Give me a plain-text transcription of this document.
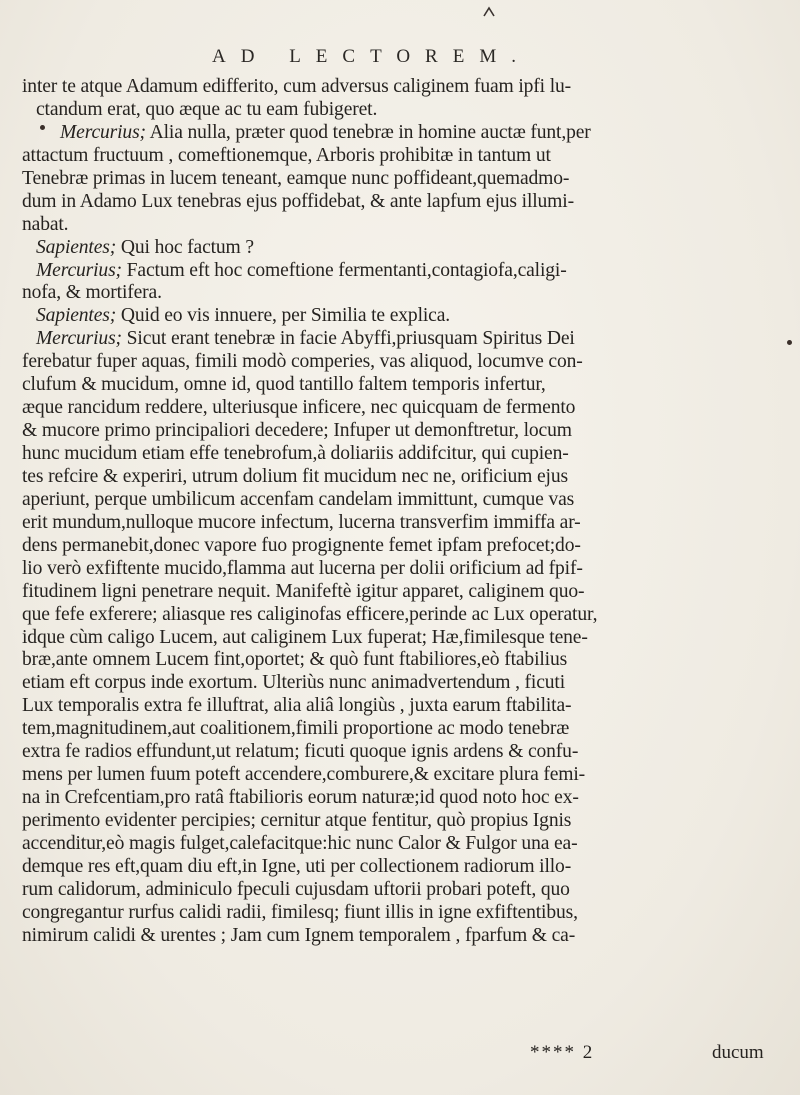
AD LECTOREM.
inter te atque Adamum edifferito, cum adversus caliginem fuam ipfi lu-
ctandum erat, quo æque ac tu eam fubigeret.
Mercurius; Alia nulla, præter quod tenebræ in homine auctæ funt,per
attactum fructuum , comeftionemque, Arboris prohibitæ in tantum ut
Tenebræ primas in lucem teneant, eamque nunc poffideant,quemadmo-
dum in Adamo Lux tenebras ejus poffidebat, & ante lapfum ejus illumi-
nabat.
Sapientes; Qui hoc factum ?
Mercurius; Factum eft hoc comeftione fermentanti,contagiofa,caligi-
nofa, & mortifera.
Sapientes; Quid eo vis innuere, per Similia te explica.
Mercurius; Sicut erant tenebræ in facie Abyffi,priusquam Spiritus Dei
ferebatur fuper aquas, fimili modò comperies, vas aliquod, locumve con-
clufum & mucidum, omne id, quod tantillo faltem temporis infertur,
æque rancidum reddere, ulteriusque inficere, nec quicquam de fermento
& mucore primo principaliori decedere; Infuper ut demonftretur, locum
hunc mucidum etiam effe tenebrofum,à doliariis addifcitur, qui cupien-
tes refcire & experiri, utrum dolium fit mucidum nec ne, orificium ejus
aperiunt, perque umbilicum accenfam candelam immittunt, cumque vas
erit mundum,nulloque mucore infectum, lucerna transverfim immiffa ar-
dens permanebit,donec vapore fuo progignente femet ipfam prefocet;do-
lio verò exfiftente mucido,flamma aut lucerna per dolii orificium ad fpif-
fitudinem ligni penetrare nequit. Manifeftè igitur apparet, caliginem quo-
que fefe exferere; aliasque res caliginofas efficere,perinde ac Lux operatur,
idque cùm caligo Lucem, aut caliginem Lux fuperat; Hæ,fimilesque tene-
bræ,ante omnem Lucem fint,oportet; & quò funt ftabiliores,eò ftabilius
etiam eft corpus inde exortum. Ulteriùs nunc animadvertendum , ficuti
Lux temporalis extra fe illuftrat, alia aliâ longiùs , juxta earum ftabilita-
tem,magnitudinem,aut coalitionem,fimili proportione ac modo tenebræ
extra fe radios effundunt,ut relatum; ficuti quoque ignis ardens & confu-
mens per lumen fuum poteft accendere,comburere,& excitare plura femi-
na in Crefcentiam,pro ratâ ftabilioris eorum naturæ;id quod noto hoc ex-
perimento evidenter percipies; cernitur atque fentitur, quò propius Ignis
accenditur,eò magis fulget,calefacitque:hic nunc Calor & Fulgor una ea-
demque res eft,quam diu eft,in Igne, uti per collectionem radiorum illo-
rum calidorum, adminiculo fpeculi cujusdam uftorii probari poteft, quo
congregantur rurfus calidi radii, fimilesq; fiunt illis in igne exfiftentibus,
nimirum calidi & urentes ; Jam cum Ignem temporalem , fparfum & ca-
**** 2	ducum
